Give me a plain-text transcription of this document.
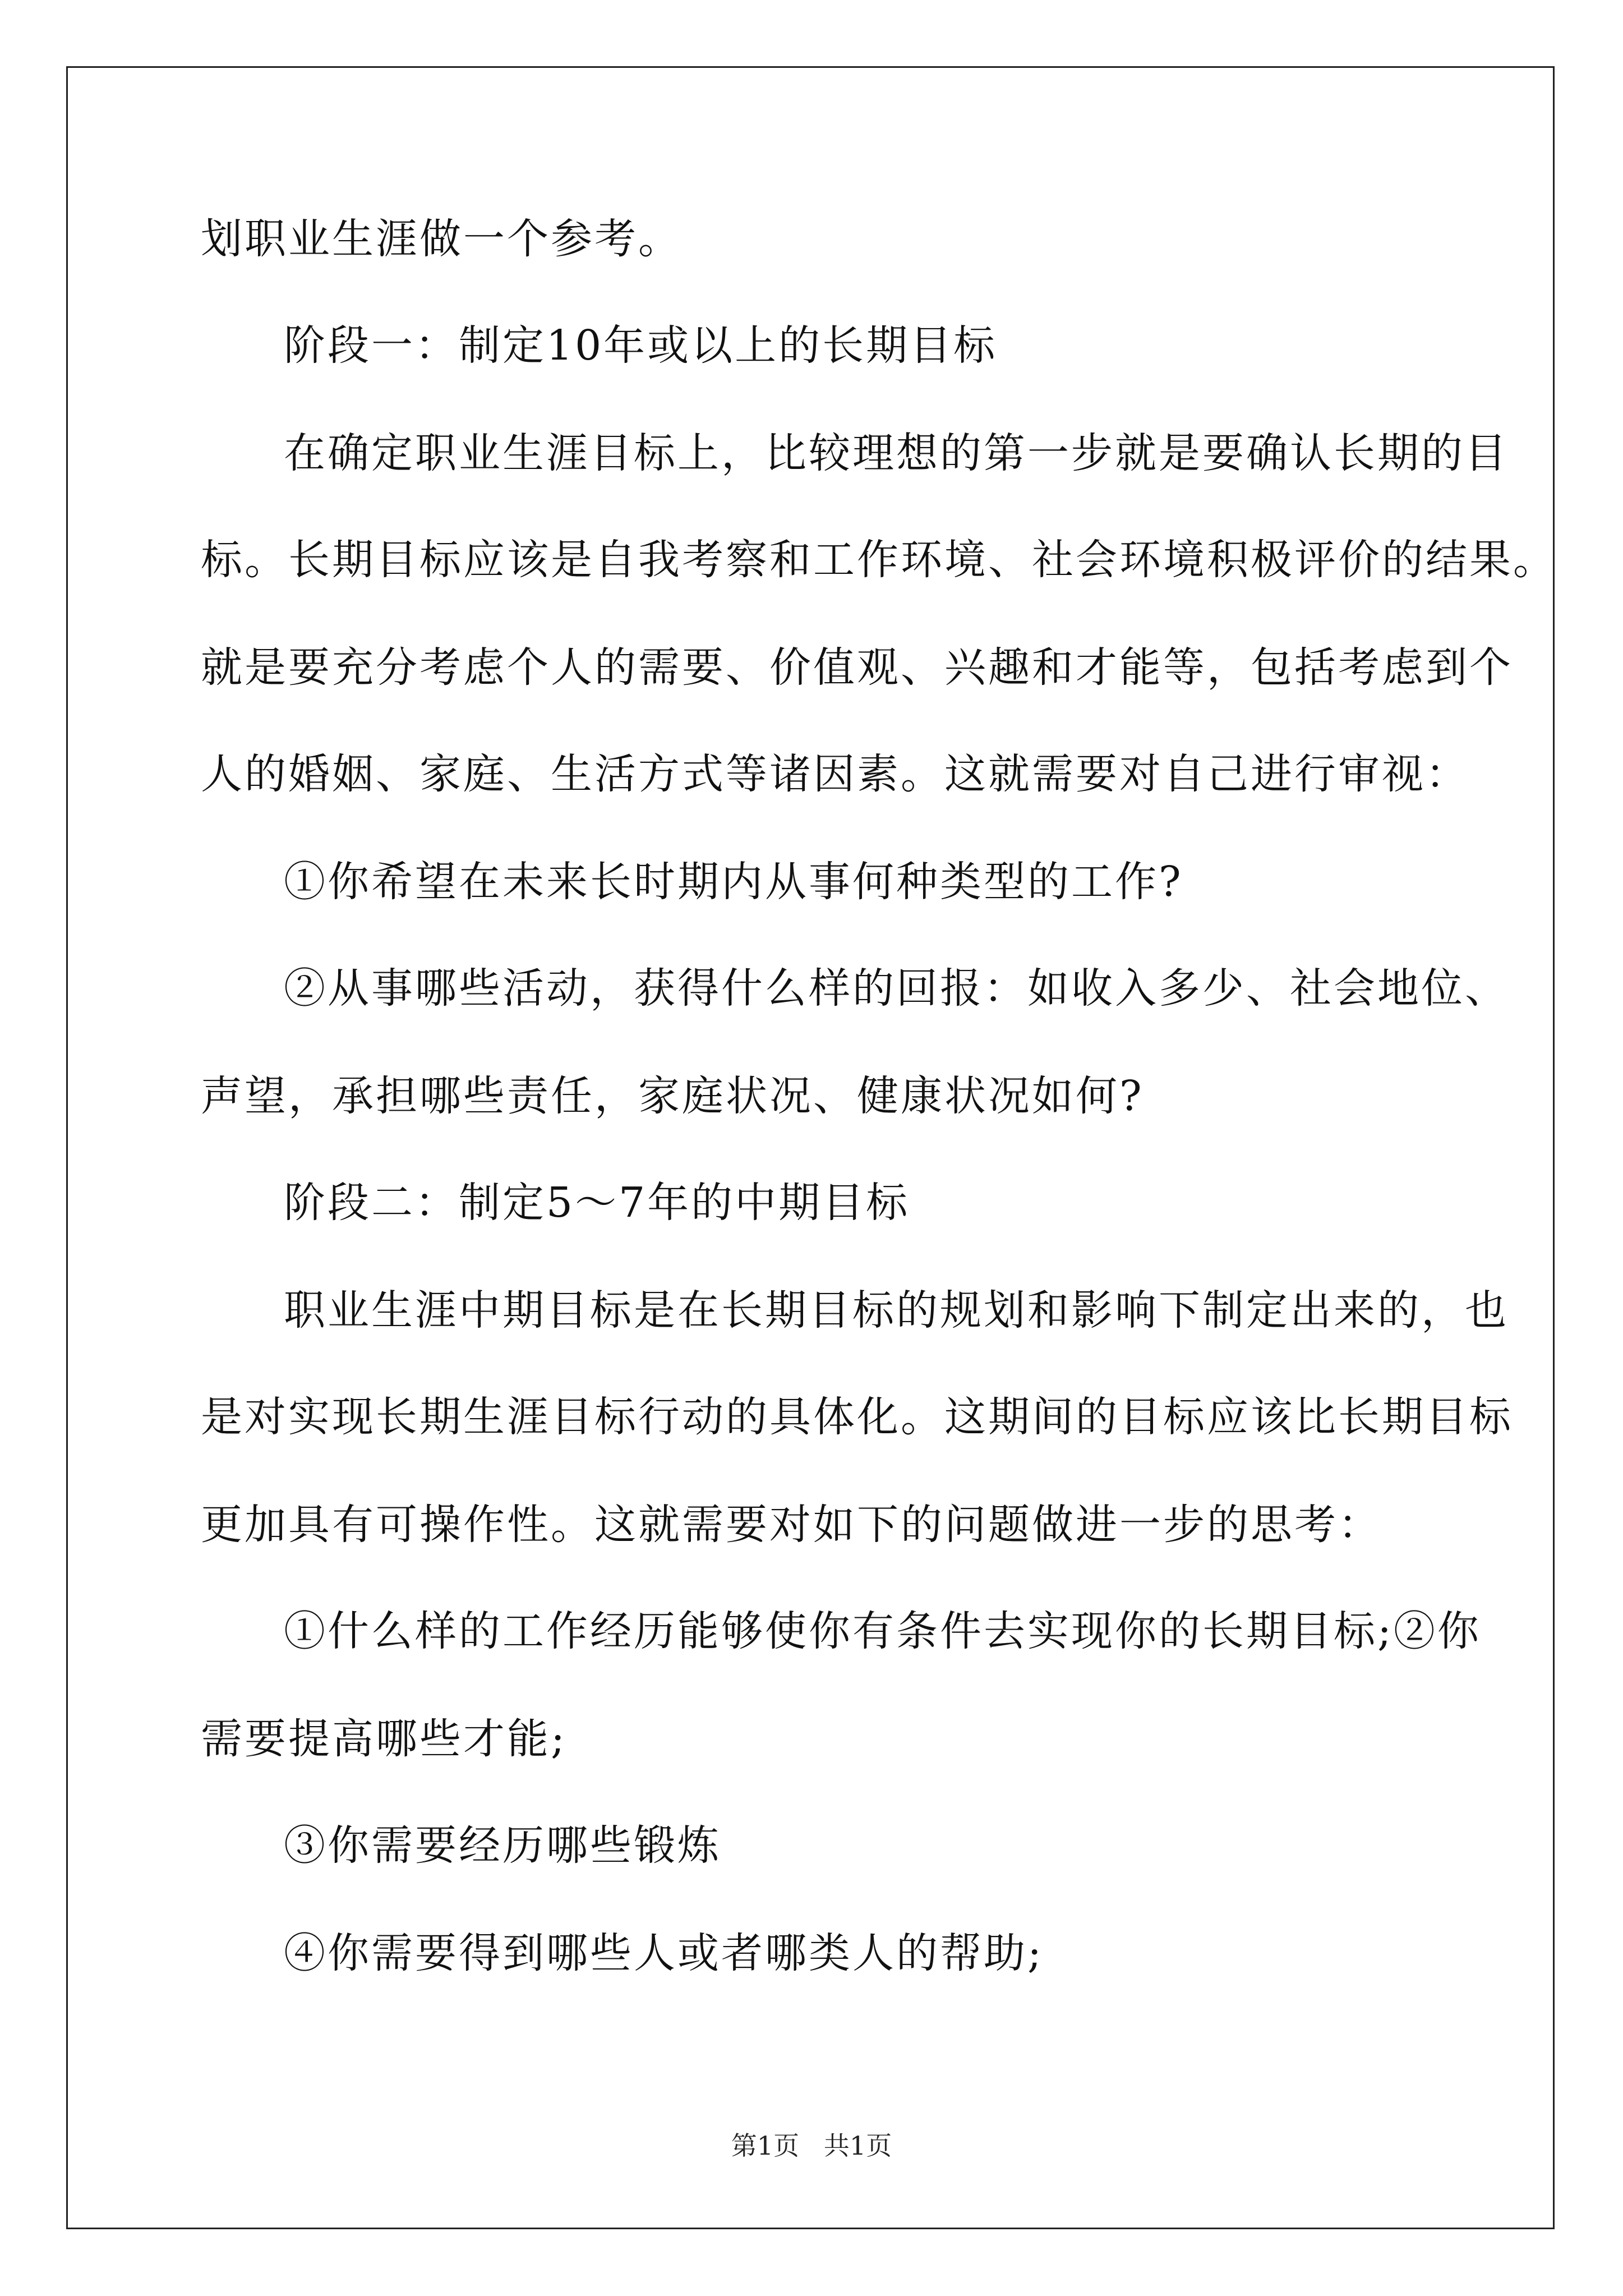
划职业生涯做一个参考。
阶段一：制定10年或以上的长期目标
在确定职业生涯目标上，比较理想的第一步就是要确认长期的目
标。长期目标应该是自我考察和工作环境、社会环境积极评价的结果。
就是要充分考虑个人的需要、价值观、兴趣和才能等，包括考虑到个
人的婚姻、家庭、生活方式等诸因素。这就需要对自己进行审视：
①你希望在未来长时期内从事何种类型的工作?
②从事哪些活动，获得什么样的回报：如收入多少、社会地位、
声望，承担哪些责任，家庭状况、健康状况如何?
阶段二：制定5～7年的中期目标
职业生涯中期目标是在长期目标的规划和影响下制定出来的，也
是对实现长期生涯目标行动的具体化。这期间的目标应该比长期目标
更加具有可操作性。这就需要对如下的问题做进一步的思考：
①什么样的工作经历能够使你有条件去实现你的长期目标;②你
需要提高哪些才能;
③你需要经历哪些锻炼
④你需要得到哪些人或者哪类人的帮助;
第1页   共1页
